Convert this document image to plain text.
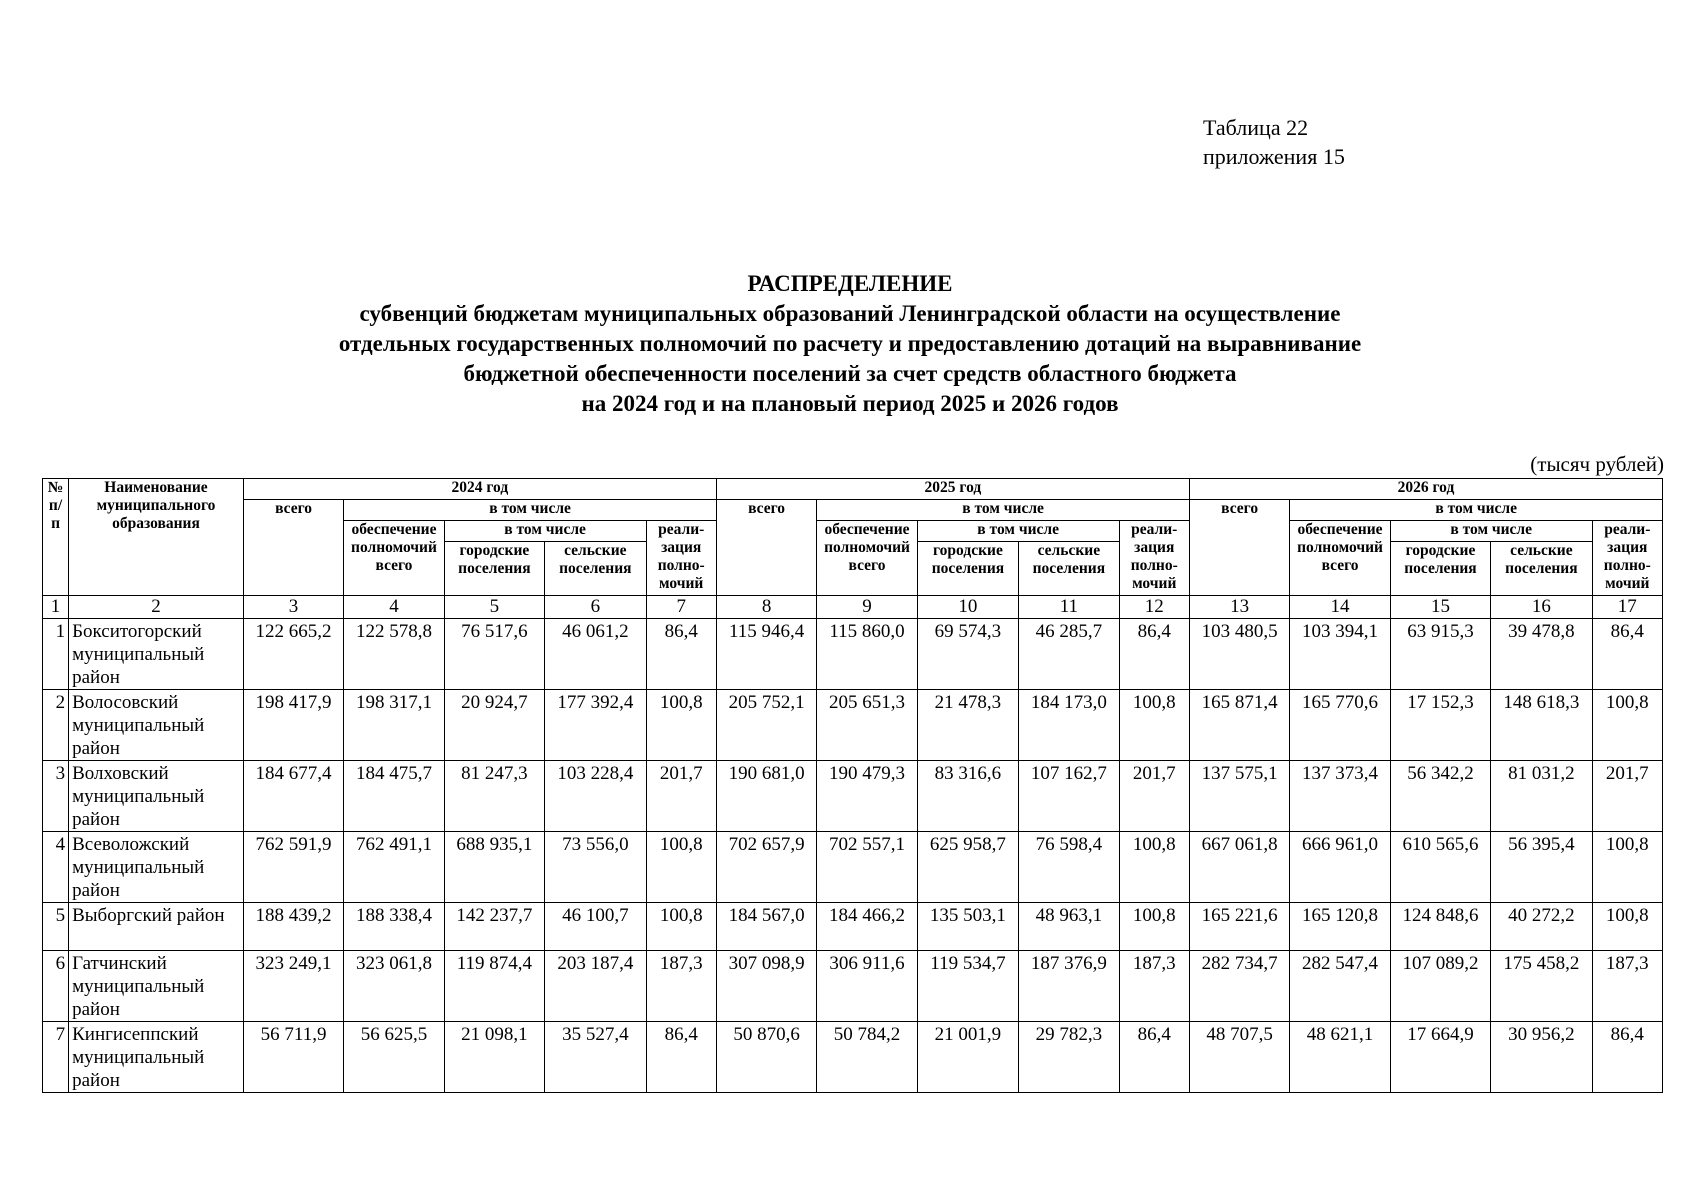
Таблица 22
приложения 15
РАСПРЕДЕЛЕНИЕ
субвенций бюджетам муниципальных образований Ленинградской области на осуществление
отдельных государственных полномочий по расчету и предоставлению дотаций на выравнивание
бюджетной обеспеченности поселений за счет средств областного бюджета
на 2024 год и на плановый период 2025 и 2026 годов
(тысяч рублей)
№ п/п	Наименование муниципального образования	2024 год					2025 год					2026 год				
		всего	в том числе				всего	в том числе				всего	в том числе			
			обеспечение полномочий всего	в том числе		реали-зация полно-мочий		обеспечение полномочий всего	в том числе		реали-зация полно-мочий		обеспечение полномочий всего	в том числе		реали-зация полно-мочий
				городские поселения	сельские поселения				городские поселения	сельские поселения				городские поселения	сельские поселения	
1	2	3	4	5	6	7	8	9	10	11	12	13	14	15	16	17
1	Бокситогорский муниципальный район	122 665,2	122 578,8	76 517,6	46 061,2	86,4	115 946,4	115 860,0	69 574,3	46 285,7	86,4	103 480,5	103 394,1	63 915,3	39 478,8	86,4
2	Волосовский муниципальный район	198 417,9	198 317,1	20 924,7	177 392,4	100,8	205 752,1	205 651,3	21 478,3	184 173,0	100,8	165 871,4	165 770,6	17 152,3	148 618,3	100,8
3	Волховский муниципальный район	184 677,4	184 475,7	81 247,3	103 228,4	201,7	190 681,0	190 479,3	83 316,6	107 162,7	201,7	137 575,1	137 373,4	56 342,2	81 031,2	201,7
4	Всеволожский муниципальный район	762 591,9	762 491,1	688 935,1	73 556,0	100,8	702 657,9	702 557,1	625 958,7	76 598,4	100,8	667 061,8	666 961,0	610 565,6	56 395,4	100,8
5	Выборгский район	188 439,2	188 338,4	142 237,7	46 100,7	100,8	184 567,0	184 466,2	135 503,1	48 963,1	100,8	165 221,6	165 120,8	124 848,6	40 272,2	100,8
6	Гатчинский муниципальный район	323 249,1	323 061,8	119 874,4	203 187,4	187,3	307 098,9	306 911,6	119 534,7	187 376,9	187,3	282 734,7	282 547,4	107 089,2	175 458,2	187,3
7	Кингисеппский муниципальный район	56 711,9	56 625,5	21 098,1	35 527,4	86,4	50 870,6	50 784,2	21 001,9	29 782,3	86,4	48 707,5	48 621,1	17 664,9	30 956,2	86,4
